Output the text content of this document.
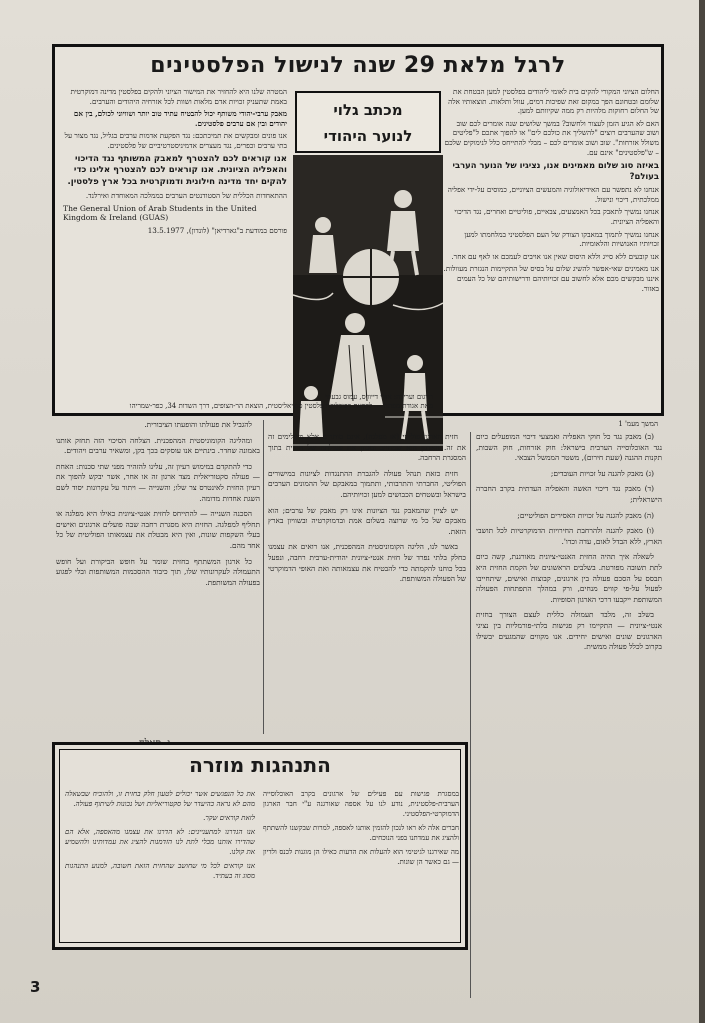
לרגל מלאת 29 שנה לנישול הפלסטינים
מכתב גלוי
לנוער היהודי

החלום הציוני המקורי להקים בית לאומי ליהודים בפלסטין למען הבטחת את שלומם ובטחונם הפך במקום זאת שפיכות דמים, עוול ותלאות. תוצאותיו אלה של החלום רחוקות מלהיות רק ממה שקיוותם למען.

האם לא הגיע הזמן לעצור ולחשוב? במשך שלושים שנה אומרים לכם שוב ושוב שהערבים רוצים "להשליך את כולכם לים" או להפוך אתכם ל"פליטים משולל אזרחות". שוב ושוב אומרים לכם – מבלי להתייחס כלל לנימוקים שלכם – ש"פלסטינים" אינם עם.

באיזה סוג שלום מאמינים אנו, נציגיו של הנוער הערבי בעולם?

אנחנו לא נתפשר עם האידיאולוגיה והמעשים הציוניים, כמוסים על-ידי אפליה ממלכתית, דיכוי ונישול.

אנחנו נמשיך לתאבק בכל האמצעים, צבאיים, פוליטיים ואחרים, נגד הדיכוי והאפליה הציונית.

אנחנו נמשיך לתמוך במאבקו הצודק של העם הפלסטיני במלחמתו למען זכויותיו האנושיות והלאומיות.

אנו קובעים ללא סייג וללא היסוס שאין אנו אויבים לעמכם או לאף עם אחר.

אנו מאמינים שאי-אפשר להשיג שלום על בסיס של התקיימות הנגזרת מעוולות. איננו מבקשים מכם אלא לחשוב עם זכויותיהם ודרישותיהם של כל העמים באזור.

המטרה שלנו היא להחזיר את המישור הציוני ולהקים בפלסטין מדינה דמוקרטית באמת שתעניק זכויות אדם מלאות ושוות לכל אזרחיה היהודים והערבים.

מאבק ערבי-יהודי משותף יכול להבטיח עתיד טוב יותר ושוויוני לכולם, בין אם יהודים ובין אם ערבים פלסטינים.

אנו פונים ומבקשים את תמיכתכם: נגד הפקעת אדמות ערבים בגליל, נגד מצור על בתי ערבים וכפרים, נגד מעצרים אדמיניסטרטיביים של פלסטינים.

אנו קוראים לכם להצטרף למאבק המשותף נגד הדיכוי והאפליה הציונית. אנו קוראים לכם להצטרף אלינו כדי להקים יחד מדינה חילונית ודמוקרטית בכל ארץ פלסטין.

ההתאחדות הכללית של הסטודנטים הערבים בממלכה המאוחדת ואירלנד.

The General Union of Arab Students in the United
Kingdom & Ireland (GUAS)

פורסם במודעת ב"גארדיאן" (לונדון), 13.5.1977

תרגום ועריכה: אורי דייוויס, עמוס גבעתי
מאת אגודת מפתח — לקראת רפובליקת פלסטין סוציאליסטית, הוצאת הר-הצופים, דרך השדות 34, כפר-שמריהו
המשך מעמ' 1

(ב) מאבק נגד כל חוקי האפליה ואמצעי דיכוי המופעלים כיום נגד האוכלוסייה הערבית בישראל: חוק אזרחות, חוק השבות, תקנות ההגנה (שעת חירום), משטר הממשל הצבאי.

(ג) מאבק להגנה על זכויות העובדים;

(ד) מאבק נגד דיכוי האשה והאפליה העדתית בקרב החברה הישראלית;

(ה) מאבק להגנה על זכויות האסירים הפוליטיים;

(ו) מאבק להגנה ולהרחבת החירויות הדמוקרטיות לכל תושבי הארץ, ללא הבדל לאום, עדה וכדו'.

לשאלה איך תהיה החזית האנטי-ציונית מאורגנת, קשה כיום לתת תשובה מפורטת. בשלבים הראשונים של הקמת החזית היא תבסס על הסכם פעולה בין ארגונים, קבוצות ואישים, שיתחייבו לפעול על-פי קווים מנחים, ורק במהלך התפתחות הפעולה המשותפת ייקבעו דרכי הארגון הסופיות.

בשלב זה, מלבד תעמולה כללית לעצם הצורך בחזית אנטי-ציונית — התקיימו רק פגישות בלתי-פורמליות בין נציגי הארגונים שונים ואישים יחידים. אנו מקווים שהמגעים יבשילו בקרוב לכלל פעולה ממשית.

חזית הארגון פוליטי (או מפלגה), אינם סותרים אלא משלימים זה את זה. הארגון הוא שמחייב ומכוון את פעולתה של החזית בתוך המסגרת הרחבה.

חזית כזאת תנהל פעולה להגברת ההתנגדות לציונות במישורים הפוליטי, החברתי והתרבותי, ותתמוך במאבקם של ההמונים הערבים בישראל ובשטחים הכבושים למען זכויותיהם.

יש לציין שהמאבק נגד הציונות אינו רק מאבק של ערבים; הוא מאבקם של כל מי שרוצה בשלום אמת ובדמוקרטיה ובשוויון בארץ הזאת.

באשר לנו, הליגה הקומוניסטית המהפכנית, אנו רואים את עצמנו כחלק בלתי נפרד של חזית אנטי-ציונית יהודית-ערבית רחבה, ונפעל בכל כוחנו להקמתה כדי להבטיח את עצמאותה ואת האופי הדמוקרטי של הפעולה המשותפת.

להגביל את פעולתו והופעתו הציבורית.

ומהליגה הקומוניסטית המהפכנית. הצלחה הסיכוי הזה תחזק אותנו באמונה שחדר. בינתיים אנו עוסקים בכך בקן, ומשאיר ערבים ויהודים.

כדי להתקדם במימוש רעיון זה, עלינו להזהיר מפני שתי סכנות: האחת — פעולה סקטוריאלית מצד ארגון זה או אחר, אשר יבקש להפוך את רעיון החזית לאינטרס צר שלו; והשנייה — ויתור על עקרונות יסוד לשם השגת אחדות מדומה.

הסכנה השנייה — להתייחס לחזית אנטי-ציונית כאילו היא מפלגה או תחליף למפלגה. החזית היא מסגרת רחבה שבה פועלים ארגונים ואישים בעלי השקפות שונות, ואין היא מבטלת את עצמאותו הפוליטית של כל אחד מהם.

כל ארגון המשתתף בחזית שומר על חופש הביקורת ועל חופש התעמולה לעקרונותיו שלו, תוך כיבוד ההסכמות המשותפות ובלי לפגוע בפעולה המשותפת.

התנהגות מוזרה

במסגרת פגישות עם פעילים של ארגונים בקרב האוכלוסייה הערבית-פלסטינית, נודע לנו על אספה שאורגנה ע"י חבר הארגון הדמוקרטי-הפלסטיני.

חברים אלה לא ראו לנכון להזמין אותנו לאספה, למרות שבקשנו להשתתף ולהציג את עמדתנו בפני הנוכחים.

מה שאירגנו לגיטימי הוא להעלות את הדעות כאילו הן מוגנות לכנס ולדיון — גם כאשר הן שונות.

את כל הנפגשים אשר יכולים לטעון חלק בחזית זו, ולהוכיח שבשאלה מהם לא נראה כהיעדר של סקטוריאליות ושל נכונות לשיתוף פעולה.

לזאת קוראים שקר.

אנו הגדרנו למתעניינים: לא הדרנו את עצמנו מהאספה, אלא הם שהדירו אותנו מבלי לתת לנו הזדמנות להציג את עמדותינו ולהשמיע את קולנו.

אנו קוראים לכל מי שחושב שהחזית הזאת חשובה, למנוע התנהגות מסוג זה בעתיד.

3
